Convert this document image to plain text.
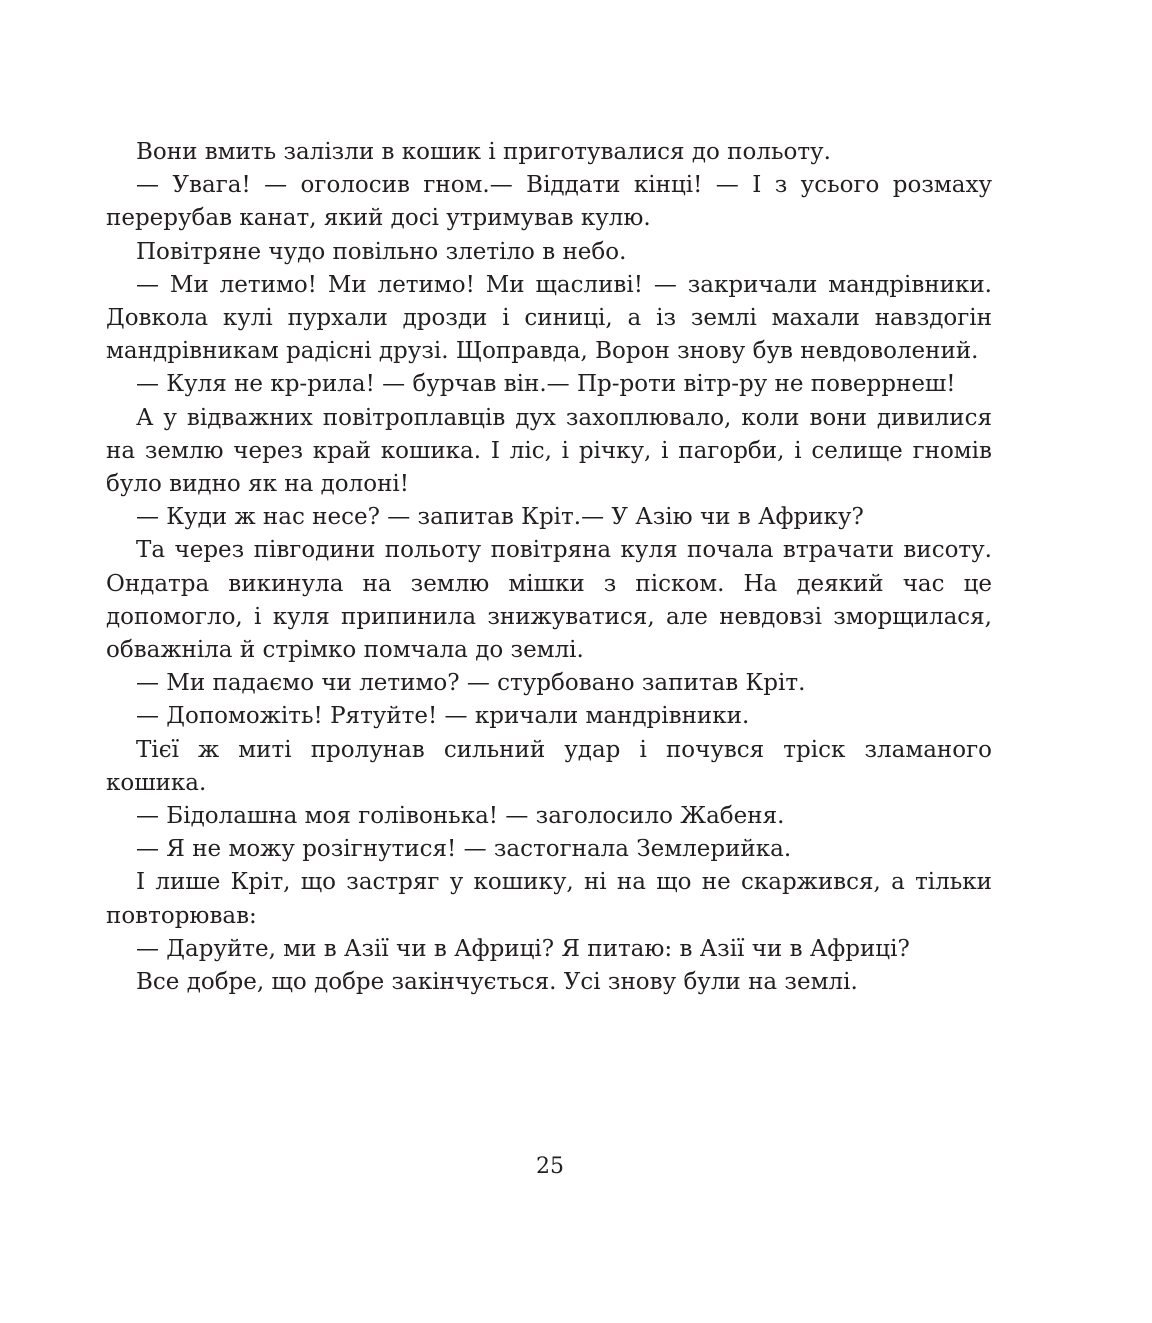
Вони вмить залізли в кошик і приготувалися до польоту.

— Увага! — оголосив гном.— Віддати кінці! — І з усього розмаху перерубав канат, який досі утримував кулю.

Повітряне чудо повільно злетіло в небо.

— Ми летимо! Ми летимо! Ми щасливі! — закричали мандрівники. Довкола кулі пурхали дрозди і синиці, а із землі махали навздогін мандрівникам радісні друзі. Щоправда, Ворон знову був невдоволений.

— Куля не кр-рила! — бурчав він.— Пр-роти вітр-ру не поверрнеш!

А у відважних повітроплавців дух захоплювало, коли вони дивилися на землю через край кошика. І ліс, і річку, і пагорби, і селище гномів було видно як на долоні!

— Куди ж нас несе? — запитав Кріт.— У Азію чи в Африку?

Та через півгодини польоту повітряна куля почала втрачати висоту. Ондатра викинула на землю мішки з піском. На деякий час це допомогло, і куля припинила знижуватися, але невдовзі зморщилася, обважніла й стрімко помчала до землі.

— Ми падаємо чи летимо? — стурбовано запитав Кріт.

— Допоможіть! Рятуйте! — кричали мандрівники.

Тієї ж миті пролунав сильний удар і почувся тріск зламаного кошика.

— Бідолашна моя голівонька! — заголосило Жабеня.

— Я не можу розігнутися! — застогнала Землерийка.

І лише Кріт, що застряг у кошику, ні на що не скаржився, а тільки повторював:

— Даруйте, ми в Азії чи в Африці? Я питаю: в Азії чи в Африці?

Все добре, що добре закінчується. Усі знову були на землі.

25
